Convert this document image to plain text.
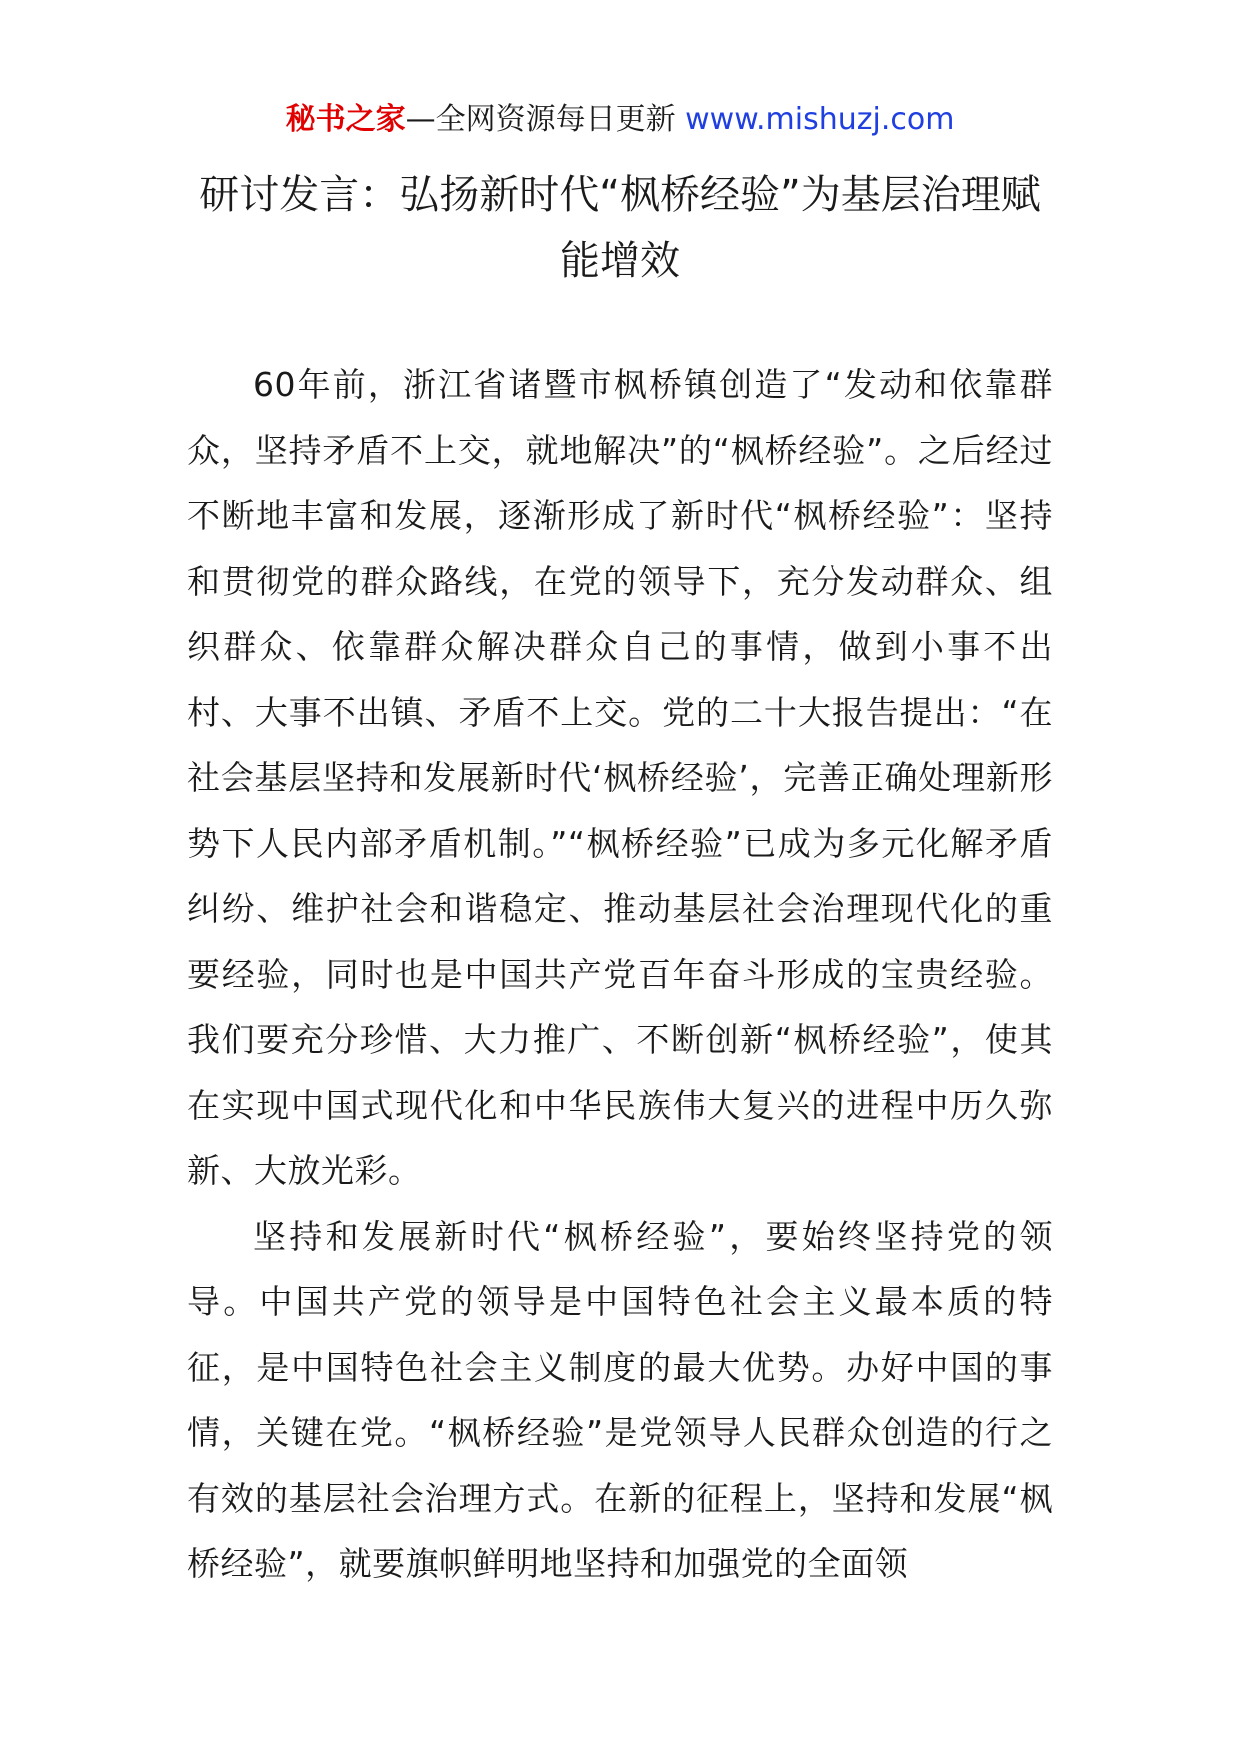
秘书之家—全网资源每日更新 www.mishuzj.com
研讨发言：弘扬新时代“枫桥经验”为基层治理赋能增效

60年前，浙江省诸暨市枫桥镇创造了“发动和依靠群众，坚持矛盾不上交，就地解决”的“枫桥经验”。之后经过不断地丰富和发展，逐渐形成了新时代“枫桥经验”：坚持和贯彻党的群众路线，在党的领导下，充分发动群众、组织群众、依靠群众解决群众自己的事情，做到小事不出村、大事不出镇、矛盾不上交。党的二十大报告提出：“在社会基层坚持和发展新时代‘枫桥经验’，完善正确处理新形势下人民内部矛盾机制。”“枫桥经验”已成为多元化解矛盾纠纷、维护社会和谐稳定、推动基层社会治理现代化的重要经验，同时也是中国共产党百年奋斗形成的宝贵经验。我们要充分珍惜、大力推广、不断创新“枫桥经验”，使其在实现中国式现代化和中华民族伟大复兴的进程中历久弥新、大放光彩。

坚持和发展新时代“枫桥经验”，要始终坚持党的领导。中国共产党的领导是中国特色社会主义最本质的特征，是中国特色社会主义制度的最大优势。办好中国的事情，关键在党。“枫桥经验”是党领导人民群众创造的行之有效的基层社会治理方式。在新的征程上，坚持和发展“枫桥经验”，就要旗帜鲜明地坚持和加强党的全面领
